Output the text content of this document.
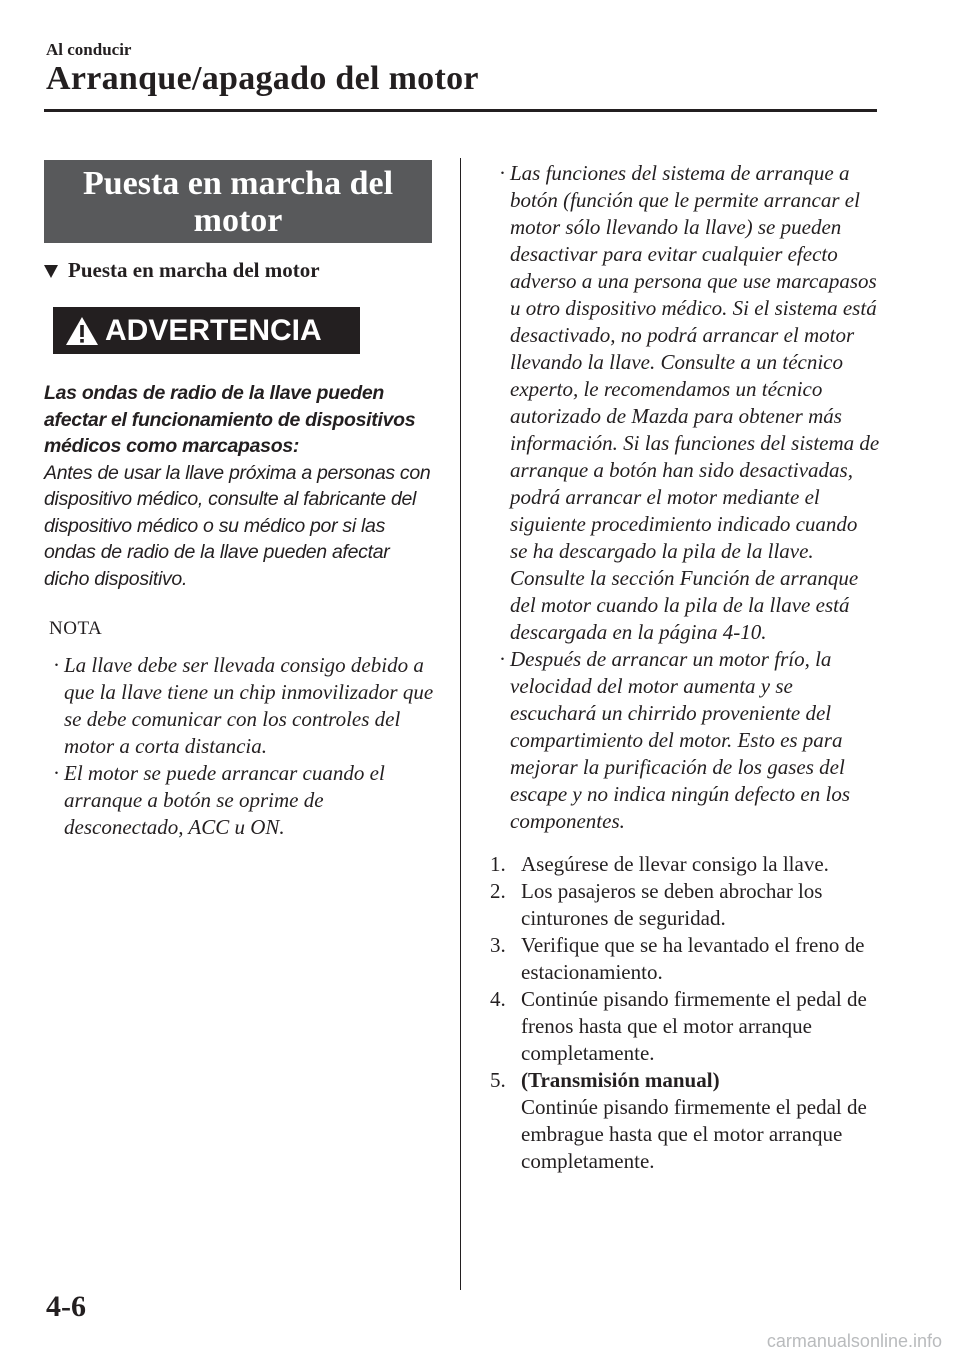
Al conducir
Arranque/apagado del motor
Puesta en marcha del motor
Puesta en marcha del motor
ADVERTENCIA
Las ondas de radio de la llave pueden afectar el funcionamiento de dispositivos médicos como marcapasos:
Antes de usar la llave próxima a personas con dispositivo médico, consulte al fabricante del dispositivo médico o su médico por si las ondas de radio de la llave pueden afectar dicho dispositivo.
NOTA
· La llave debe ser llevada consigo debido a que la llave tiene un chip inmovilizador que se debe comunicar con los controles del motor a corta distancia.
· El motor se puede arrancar cuando el arranque a botón se oprime de desconectado, ACC u ON.
· Las funciones del sistema de arranque a botón (función que le permite arrancar el motor sólo llevando la llave) se pueden desactivar para evitar cualquier efecto adverso a una persona que use marcapasos u otro dispositivo médico. Si el sistema está desactivado, no podrá arrancar el motor llevando la llave. Consulte a un técnico experto, le recomendamos un técnico autorizado de Mazda para obtener más información. Si las funciones del sistema de arranque a botón han sido desactivadas, podrá arrancar el motor mediante el siguiente procedimiento indicado cuando se ha descargado la pila de la llave. Consulte la sección Función de arranque del motor cuando la pila de la llave está descargada en la página 4-10.
· Después de arrancar un motor frío, la velocidad del motor aumenta y se escuchará un chirrido proveniente del compartimiento del motor. Esto es para mejorar la purificación de los gases del escape y no indica ningún defecto en los componentes.
1. Asegúrese de llevar consigo la llave.
2. Los pasajeros se deben abrochar los cinturones de seguridad.
3. Verifique que se ha levantado el freno de estacionamiento.
4. Continúe pisando firmemente el pedal de frenos hasta que el motor arranque completamente.
5. (Transmisión manual)
Continúe pisando firmemente el pedal de embrague hasta que el motor arranque completamente.
4-6
carmanualsonline.info
